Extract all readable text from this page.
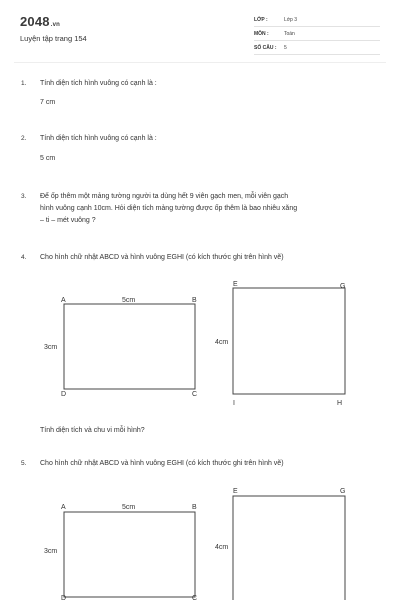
2048.vn
Luyện tập trang 154
LỚP :	Lớp 3
MÔN :	Toán
SỐ CÂU : 5
1. Tính diện tích hình vuông có cạnh là :
7 cm
2. Tính diện tích hình vuông có cạnh là :
5 cm
3. Để ốp thêm một mảng tường người ta dùng hết 9 viên gạch men, mỗi viên gạch
hình vuông cạnh 10cm. Hỏi diện tích mảng tường được ốp thêm là bao nhiêu xăng
– ti – mét vuông ?
4. Cho hình chữ nhật ABCD và hình vuông EGHI (có kích thước ghi trên hình vẽ)
A	B
C
D
5cm
3cm
E	G
H
I
4cm
Tính diện tích và chu vi mỗi hình?
5. Cho hình chữ nhật ABCD và hình vuông EGHI (có kích thước ghi trên hình vẽ)
A	B
C
D
5cm
3cm
E	G
4cm
